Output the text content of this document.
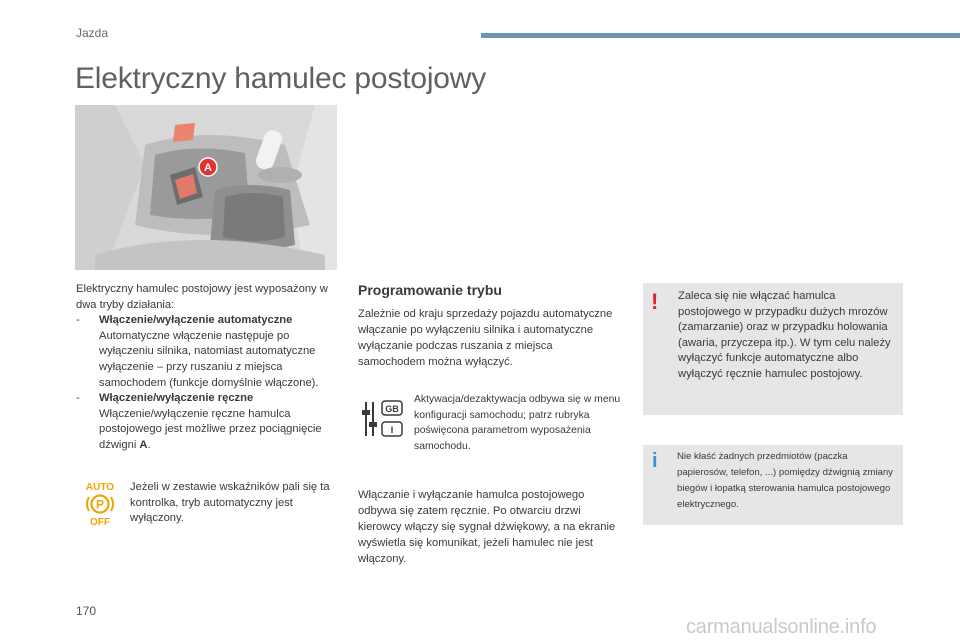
Jazda
Elektryczny hamulec postojowy
A

Elektryczny hamulec postojowy jest wyposażony w dwa tryby działania:

- Włączenie/wyłączenie automatyczne
Automatyczne włączenie następuje po wyłączeniu silnika, natomiast automatyczne wyłączenie – przy ruszaniu z miejsca samochodem (funkcje domyślnie włączone).
- Włączenie/wyłączenie ręczne
Włączenie/wyłączenie ręczne hamulca postojowego jest możliwe przez pociągnięcie dźwigni A.
AUTO
P
OFF
Jeżeli w zestawie wskaźników pali się ta kontrolka, tryb automatyczny jest wyłączony.
Programowanie trybu

Zależnie od kraju sprzedaży pojazdu automatyczne włączanie po wyłączeniu silnika i automatyczne wyłączanie podczas ruszania z miejsca samochodem można wyłączyć.

GB
I
Aktywacja/dezaktywacja odbywa się w menu konfiguracji samochodu; patrz rubryka poświęcona parametrom wyposażenia samochodu.

Włączanie i wyłączanie hamulca postojowego odbywa się zatem ręcznie. Po otwarciu drzwi kierowcy włączy się sygnał dźwiękowy, a na ekranie wyświetla się komunikat, jeżeli hamulec nie jest włączony.

!	Zaleca się nie włączać hamulca postojowego w przypadku dużych mrozów (zamarzanie) oraz w przypadku holowania (awaria, przyczepa itp.). W tym celu należy wyłączyć funkcje automatyczne albo wyłączyć ręcznie hamulec postojowy.
i	Nie kłaść żadnych przedmiotów (paczka papierosów, telefon, ...) pomiędzy dźwignią zmiany biegów i łopatką sterowania hamulca postojowego elektrycznego.
170
carmanualsonline.info
